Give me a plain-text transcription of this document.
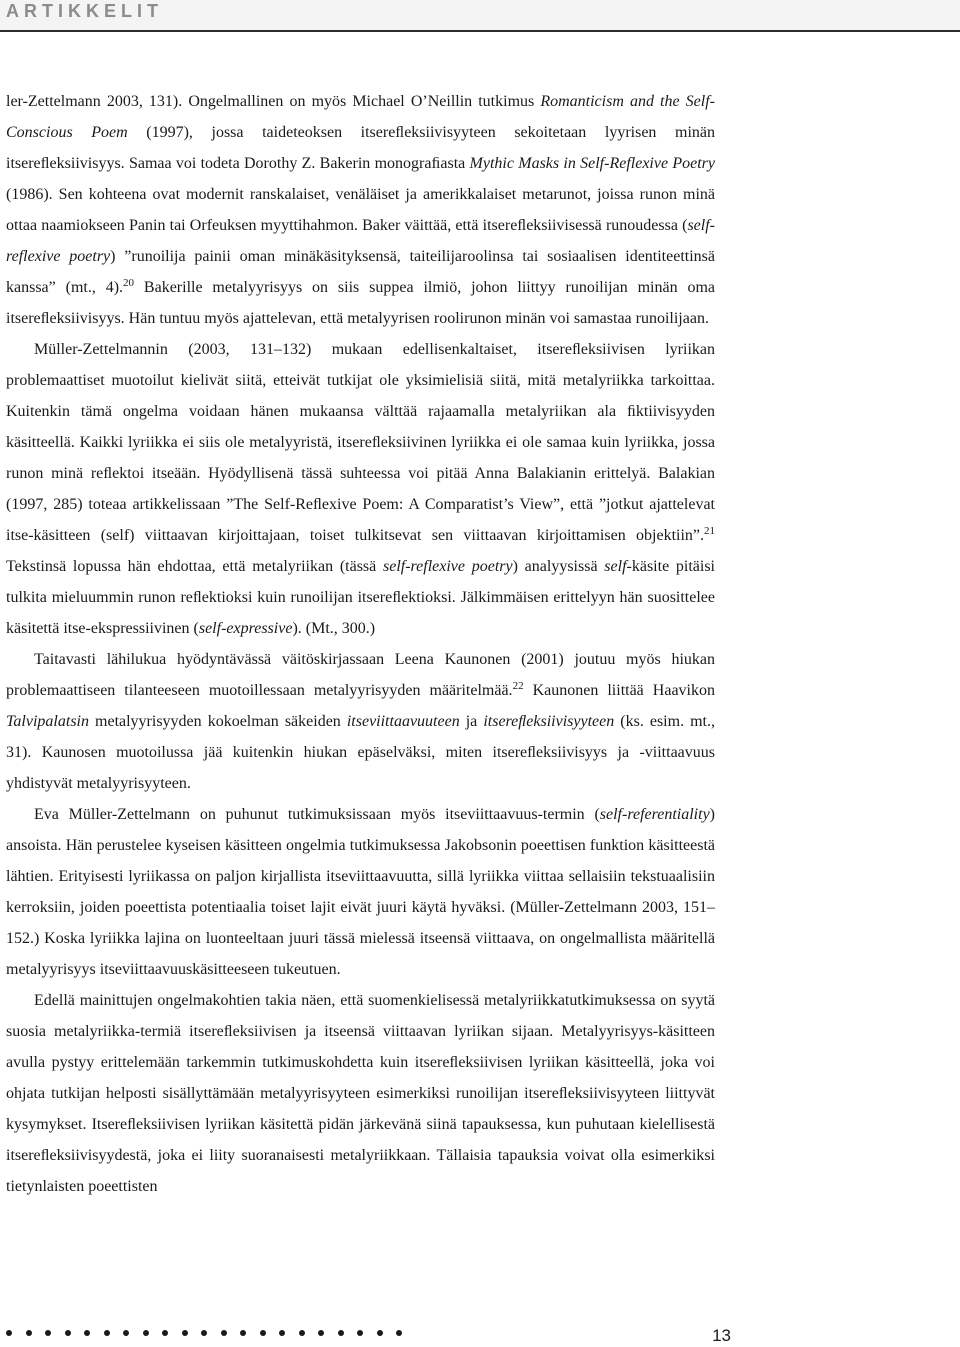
ARTIKKELIT

ler-Zettelmann 2003, 131). Ongelmallinen on myös Michael O’Neillin tutkimus Romanticism and the Self-Conscious Poem (1997), jossa taideteoksen itsereﬂeksiivisyyteen sekoitetaan lyyrisen minän itsereﬂeksiivisyys. Samaa voi todeta Dorothy Z. Bakerin monograﬁasta Mythic Masks in Self-Reflexive Poetry (1986). Sen kohteena ovat modernit ranskalaiset, venäläiset ja amerikkalaiset metarunot, joissa runon minä ottaa naamiokseen Panin tai Orfeuksen myyttihahmon. Baker väittää, että itsereﬂeksiivisessä runoudessa (self-reflexive poetry) ”runoilija painii oman minäkäsityksensä, taiteilijaroolinsa tai sosiaalisen identiteettinsä kanssa” (mt., 4).$^{20}$ Bakerille metalyyrisyys on siis suppea ilmiö, johon liittyy runoilijan minän oma itsereﬂeksiivisyys. Hän tuntuu myös ajattelevan, että metalyyrisen roolirunon minän voi samastaa runoilijaan.

Müller-Zettelmannin (2003, 131–132) mukaan edellisenkaltaiset, itsereﬂeksiivisen lyriikan problemaattiset muotoilut kielivät siitä, etteivät tutkijat ole yksimielisiä siitä, mitä metalyriikka tarkoittaa. Kuitenkin tämä ongelma voidaan hänen mukaansa välttää rajaamalla metalyriikan ala ﬁktiivisyyden käsitteellä. Kaikki lyriikka ei siis ole metalyyristä, itsereﬂeksiivinen lyriikka ei ole samaa kuin lyriikka, jossa runon minä reﬂektoi itseään. Hyödyllisenä tässä suhteessa voi pitää Anna Balakianin erittelyä. Balakian (1997, 285) toteaa artikkelissaan ”The Self-Reﬂexive Poem: A Comparatist’s View”, että ”jotkut ajattelevat itse-käsitteen (self) viittaavan kirjoittajaan, toiset tulkitsevat sen viittaavan kirjoittamisen objektiin”.$^{21}$ Tekstinsä lopussa hän ehdottaa, että metalyriikan (tässä self-reflexive poetry) analyysissä self-käsite pitäisi tulkita mieluummin runon reﬂektioksi kuin runoilijan itsereﬂektioksi. Jälkimmäisen erittelyyn hän suosittelee käsitettä itse-ekspressiivinen (self-expressive). (Mt., 300.)

Taitavasti lähilukua hyödyntävässä väitöskirjassaan Leena Kaunonen (2001) joutuu myös hiukan problemaattiseen tilanteeseen muotoillessaan metalyyrisyyden määritelmää.$^{22}$ Kaunonen liittää Haavikon Talvipalatsin metalyyrisyyden kokoelman säkeiden itseviittaavuuteen ja itsereﬂeksiivisyyteen (ks. esim. mt., 31). Kaunosen muotoilussa jää kuitenkin hiukan epäselväksi, miten itsereﬂeksiivisyys ja -viittaavuus yhdistyvät metalyyrisyyteen.

Eva Müller-Zettelmann on puhunut tutkimuksissaan myös itseviittaavuus-termin (self-referentiality) ansoista. Hän perustelee kyseisen käsitteen ongelmia tutkimuksessa Jakobsonin poeettisen funktion käsitteestä lähtien. Erityisesti lyriikassa on paljon kirjallista itseviittaavuutta, sillä lyriikka viittaa sellaisiin tekstuaalisiin kerroksiin, joiden poeettista potentiaalia toiset lajit eivät juuri käytä hyväksi. (Müller-Zettelmann 2003, 151–152.) Koska lyriikka lajina on luonteeltaan juuri tässä mielessä itseensä viittaava, on ongelmallista määritellä metalyyrisyys itseviittaavuuskäsitteeseen tukeutuen.

Edellä mainittujen ongelmakohtien takia näen, että suomenkielisessä metalyriikkatutkimuksessa on syytä suosia metalyriikka-termiä itsereﬂeksiivisen ja itseensä viittaavan lyriikan sijaan. Metalyyrisyys-käsitteen avulla pystyy erittelemään tarkemmin tutkimuskohdetta kuin itsereﬂeksiivisen lyriikan käsitteellä, joka voi ohjata tutkijan helposti sisällyttämään metalyyrisyyteen esimerkiksi runoilijan itsereﬂeksiivisyyteen liittyvät kysymykset. Itsereﬂeksiivisen lyriikan käsitettä pidän järkevänä siinä tapauksessa, kun puhutaan kielellisestä itsereﬂeksiivisyydestä, joka ei liity suoranaisesti metalyriikkaan. Tällaisia tapauksia voivat olla esimerkiksi tietynlaisten poeettisten

13
